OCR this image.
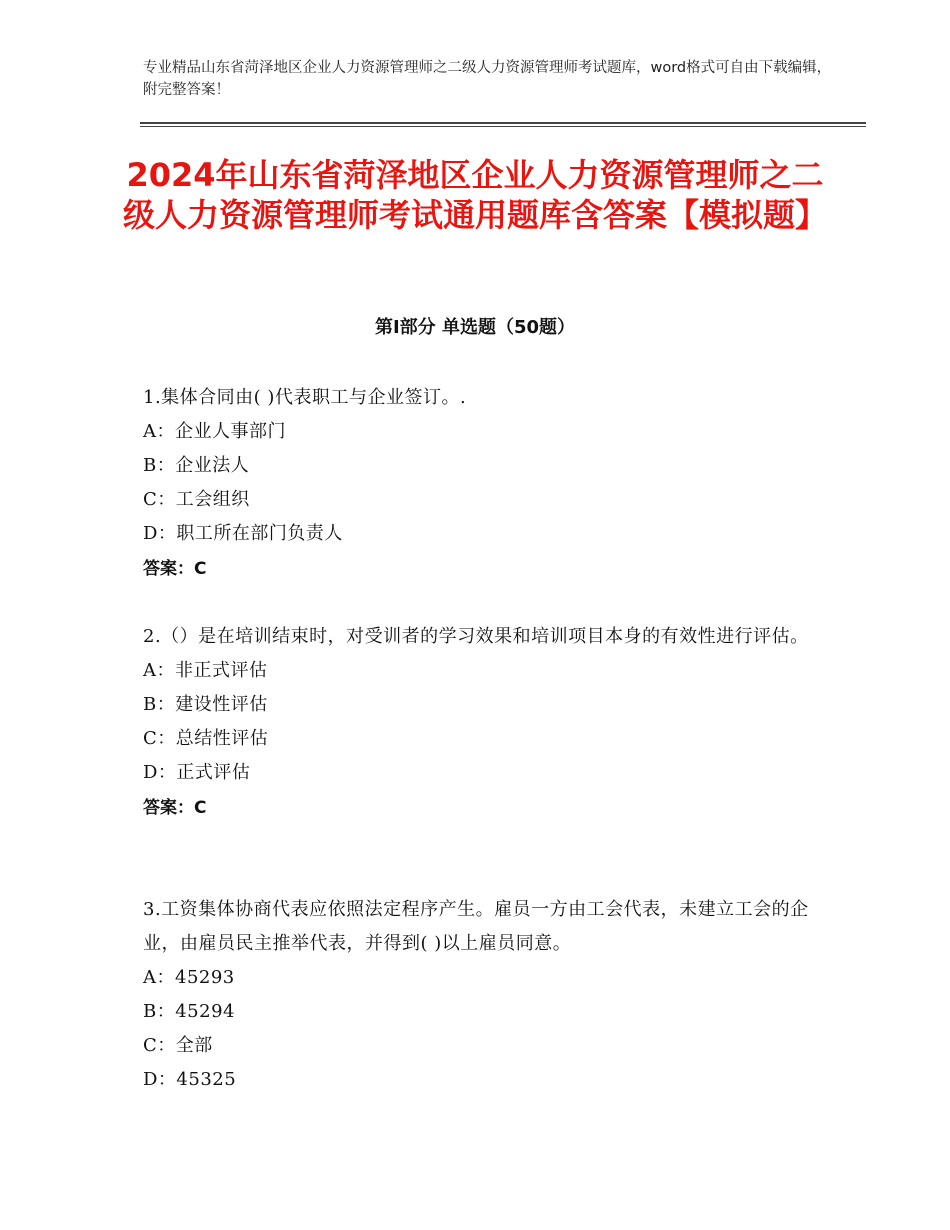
专业精品山东省菏泽地区企业人力资源管理师之二级人力资源管理师考试题库，word格式可自由下载编辑，附完整答案！
2024年山东省菏泽地区企业人力资源管理师之二级人力资源管理师考试通用题库含答案【模拟题】
第Ⅰ部分 单选题（50题）

1.集体合同由( )代表职工与企业签订。.

A：企业人事部门

B：企业法人

C：工会组织

D：职工所在部门负责人

答案：C

2.（）是在培训结束时，对受训者的学习效果和培训项目本身的有效性进行评估。

A：非正式评估

B：建设性评估

C：总结性评估

D：正式评估

答案：C

3.工资集体协商代表应依照法定程序产生。雇员一方由工会代表，未建立工会的企业，由雇员民主推举代表，并得到( )以上雇员同意。

A：45293

B：45294

C：全部

D：45325
